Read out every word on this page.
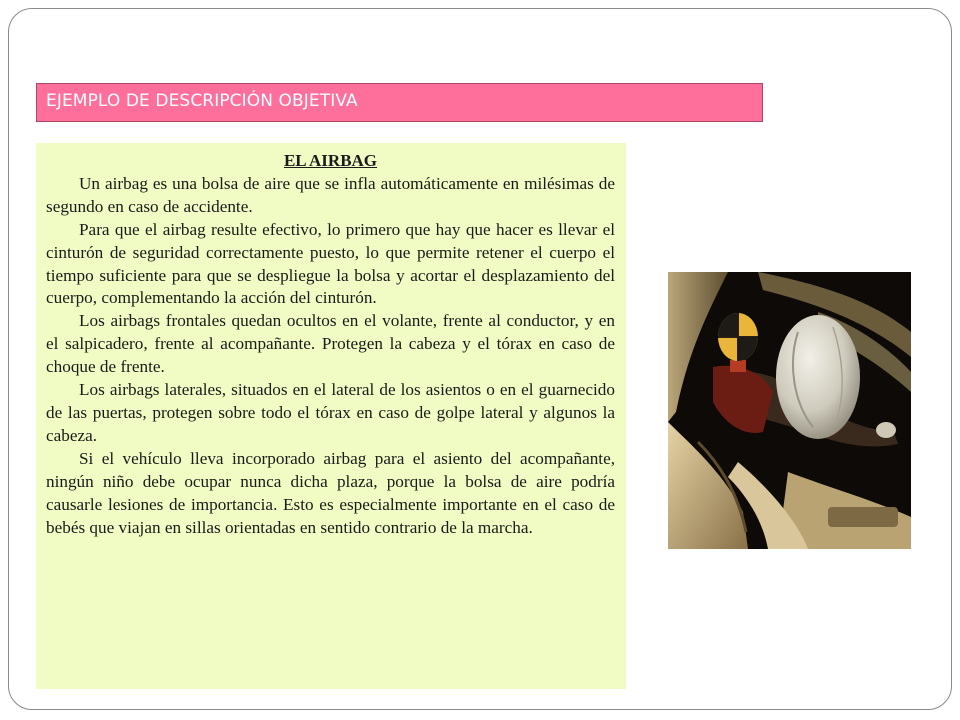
EJEMPLO DE DESCRIPCIÓN OBJETIVA

EL AIRBAG

Un airbag es una bolsa de aire que se infla automáticamente en milésimas de segundo en caso de accidente.

Para que el airbag resulte efectivo, lo primero que hay que hacer es llevar el cinturón de seguridad correctamente puesto, lo que permite retener el cuerpo el tiempo suficiente para que se despliegue la bolsa y acortar el desplazamiento del cuerpo, complementando la acción del cinturón.

Los airbags frontales quedan ocultos en el volante, frente al conductor, y en el salpicadero, frente al acompañante. Protegen la cabeza y el tórax en caso de choque de frente.

Los airbags laterales, situados en el lateral de los asientos o en el guarnecido de las puertas, protegen sobre todo el tórax en caso de golpe lateral y algunos la cabeza.

Si el vehículo lleva incorporado airbag para el asiento del acompañante, ningún niño debe ocupar nunca dicha plaza, porque la bolsa de aire podría causarle lesiones de importancia. Esto es especialmente importante en el caso de bebés que viajan en sillas orientadas en sentido contrario de la marcha.
